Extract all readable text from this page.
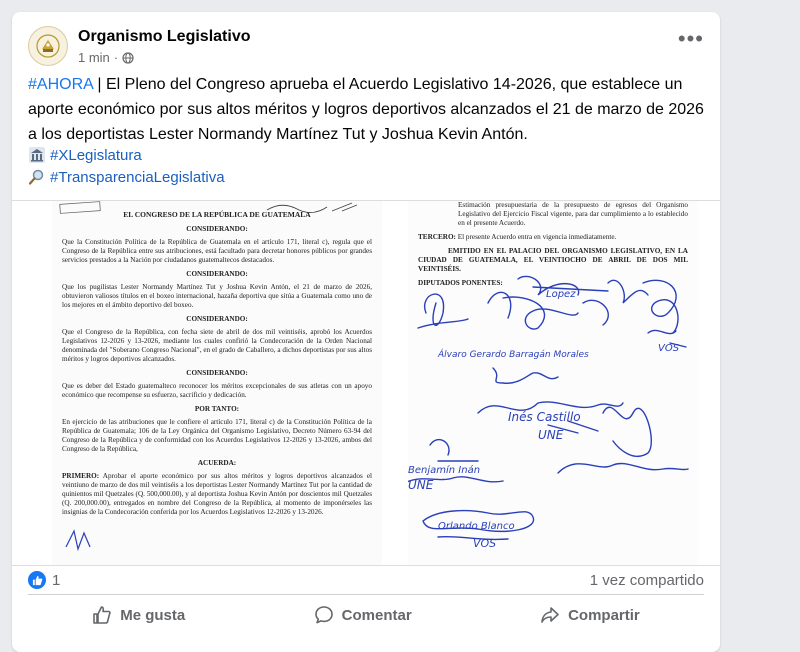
Organismo Legislativo
1 min ·
•••
#AHORA | El Pleno del Congreso aprueba el Acuerdo Legislativo 14-2026, que establece un aporte económico por sus altos méritos y logros deportivos alcanzados el 21 de marzo de 2026 a los deportistas Lester Normandy Martínez Tut y Joshua Kevin Antón.
#XLegislatura
#TransparenciaLegislativa
EL CONGRESO DE LA REPÚBLICA DE GUATEMALA
CONSIDERANDO:

Que la Constitución Política de la República de Guatemala en el artículo 171, literal c), regula que el Congreso de la República entre sus atribuciones, está facultado para decretar honores públicos por grandes servicios prestados a la Nación por ciudadanos guatemaltecos destacados.

CONSIDERANDO:

Que los pugilistas Lester Normandy Martínez Tut y Joshua Kevin Antón, el 21 de marzo de 2026, obtuvieron valiosos títulos en el boxeo internacional, hazaña deportiva que sitúa a Guatemala como uno de los mejores en el ámbito deportivo del boxeo.

CONSIDERANDO:

Que el Congreso de la República, con fecha siete de abril de dos mil veintiséis, aprobó los Acuerdos Legislativos 12-2026 y 13-2026, mediante los cuales confirió la Condecoración de la Orden Nacional denominada del "Soberano Congreso Nacional", en el grado de Caballero, a dichos deportistas por sus altos méritos y logros deportivos alcanzados.

CONSIDERANDO:

Que es deber del Estado guatemalteco reconocer los méritos excepcionales de sus atletas con un apoyo económico que recompense su esfuerzo, sacrificio y dedicación.

POR TANTO:

En ejercicio de las atribuciones que le confiere el artículo 171, literal c) de la Constitución Política de la República de Guatemala; 106 de la Ley Orgánica del Organismo Legislativo, Decreto Número 63-94 del Congreso de la República y de conformidad con los Acuerdos Legislativos 12-2026 y 13-2026, ambos del Congreso de la República,

ACUERDA:

PRIMERO: Aprobar el aporte económico por sus altos méritos y logros deportivos alcanzados el veintiuno de marzo de dos mil veintiséis a los deportistas Lester Normandy Martínez Tut por la cantidad de quinientos mil Quetzales (Q. 500,000.00), y al deportista Joshua Kevin Antón por doscientos mil Quetzales (Q. 200,000.00), entregados en nombre del Congreso de la República, al momento de imponérseles las insignias de la Condecoración conferida por los Acuerdos Legislativos 12-2026 y 13-2026.

Estimación presupuestaria de la presupuesto de egresos del Organismo Legislativo del Ejercicio Fiscal vigente, para dar cumplimiento a lo establecido en el presente Acuerdo.

TERCERO: El presente Acuerdo entra en vigencia inmediatamente.

EMITIDO EN EL PALACIO DEL ORGANISMO LEGISLATIVO, EN LA CIUDAD DE GUATEMALA, EL VEINTIOCHO DE ABRIL DE DOS MIL VEINTISÉIS.

DIPUTADOS PONENTES:

Lopez
Álvaro Gerardo Barragán Morales
VOS
Inés Castillo
UNE
Benjamín Inán
UNE
Orlando Blanco
VOS
1	1 vez compartido
Me gusta	Comentar	Compartir
